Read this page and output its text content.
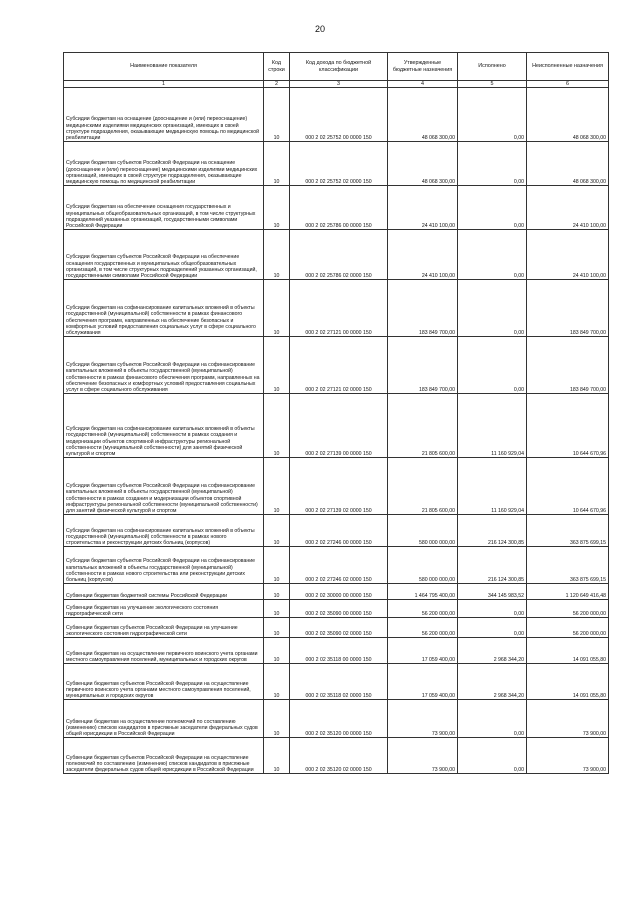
20
Наименование показателя	Код строки	Код дохода по бюджетной классификации	Утвержденные бюджетные назначения	Исполнено	Неисполненные назначения
1	2	3	4	5	6
Субсидии бюджетам на оснащение (дооснащение и (или) переоснащение) медицинскими изделиями медицинских организаций, имеющих в своей структуре подразделения, оказывающие медицинскую помощь по медицинской реабилитации	10	000 2 02 25752 00 0000 150	48 068 300,00	0,00	48 068 300,00
Субсидии бюджетам субъектов Российской Федерации на оснащение (дооснащение и (или) переоснащение) медицинскими изделиями медицинских организаций, имеющих в своей структуре подразделения, оказывающие медицинскую помощь по медицинской реабилитации	10	000 2 02 25752 02 0000 150	48 068 300,00	0,00	48 068 300,00
Субсидии бюджетам на обеспечение оснащения государственных и муниципальных общеобразовательных организаций, в том числе структурных подразделений указанных организаций, государственными символами Российской Федерации	10	000 2 02 25786 00 0000 150	24 410 100,00	0,00	24 410 100,00
Субсидии бюджетам субъектов Российской Федерации на обеспечение оснащения государственных и муниципальных общеобразовательных организаций, в том числе структурных подразделений указанных организаций, государственными символами Российской Федерации	10	000 2 02 25786 02 0000 150	24 410 100,00	0,00	24 410 100,00
Субсидии бюджетам на софинансирование капитальных вложений в объекты государственной (муниципальной) собственности в рамках финансового обеспечения программ, направленных на обеспечение безопасных и комфортных условий предоставления социальных услуг в сфере социального обслуживания	10	000 2 02 27121 00 0000 150	183 849 700,00	0,00	183 849 700,00
Субсидии бюджетам субъектов Российской Федерации на софинансирование капитальных вложений в объекты государственной (муниципальной) собственности в рамках финансового обеспечения программ, направленных на обеспечение безопасных и комфортных условий предоставления социальных услуг в сфере социального обслуживания	10	000 2 02 27121 02 0000 150	183 849 700,00	0,00	183 849 700,00
Субсидии бюджетам на софинансирование капитальных вложений в объекты государственной (муниципальной) собственности в рамках создания и модернизации объектов спортивной инфраструктуры региональной собственности (муниципальной собственности) для занятий физической культурой и спортом	10	000 2 02 27139 00 0000 150	21 805 600,00	11 160 929,04	10 644 670,96
Субсидии бюджетам субъектов Российской Федерации на софинансирование капитальных вложений в объекты государственной (муниципальной) собственности в рамках создания и модернизации объектов спортивной инфраструктуры региональной собственности (муниципальной собственности) для занятий физической культурой и спортом	10	000 2 02 27139 02 0000 150	21 805 600,00	11 160 929,04	10 644 670,96
Субсидии бюджетам на софинансирование капитальных вложений в объекты государственной (муниципальной) собственности в рамках нового строительства и реконструкции детских больниц (корпусов)	10	000 2 02 27246 00 0000 150	580 000 000,00	216 124 300,85	363 875 699,15
Субсидии бюджетам субъектов Российской Федерации на софинансирование капитальных вложений в объекты государственной (муниципальной) собственности в рамках нового строительства или реконструкции детских больниц (корпусов)	10	000 2 02 27246 02 0000 150	580 000 000,00	216 124 300,85	363 875 699,15
Субвенции бюджетам бюджетной системы Российской Федерации	10	000 2 02 30000 00 0000 150	1 464 795 400,00	344 145 983,52	1 120 649 416,48
Субвенции бюджетам на улучшение экологического состояния гидрографической сети	10	000 2 02 35090 00 0000 150	56 200 000,00	0,00	56 200 000,00
Субвенции бюджетам субъектов Российской Федерации на улучшение экологического состояния гидрографической сети	10	000 2 02 35090 02 0000 150	56 200 000,00	0,00	56 200 000,00
Субвенции бюджетам на осуществление первичного воинского учета органами местного самоуправления поселений, муниципальных и городских округов	10	000 2 02 35118 00 0000 150	17 059 400,00	2 968 344,20	14 091 055,80
Субвенции бюджетам субъектов Российской Федерации на осуществление первичного воинского учета органами местного самоуправления поселений, муниципальных и городских округов	10	000 2 02 35118 02 0000 150	17 059 400,00	2 968 344,20	14 091 055,80
Субвенции бюджетам на осуществление полномочий по составлению (изменению) списков кандидатов в присяжные заседатели федеральных судов общей юрисдикции в Российской Федерации	10	000 2 02 35120 00 0000 150	73 900,00	0,00	73 900,00
Субвенции бюджетам субъектов Российской Федерации на осуществление полномочий по составлению (изменению) списков кандидатов в присяжные заседатели федеральных судов общей юрисдикции в Российской Федерации	10	000 2 02 35120 02 0000 150	73 900,00	0,00	73 900,00
